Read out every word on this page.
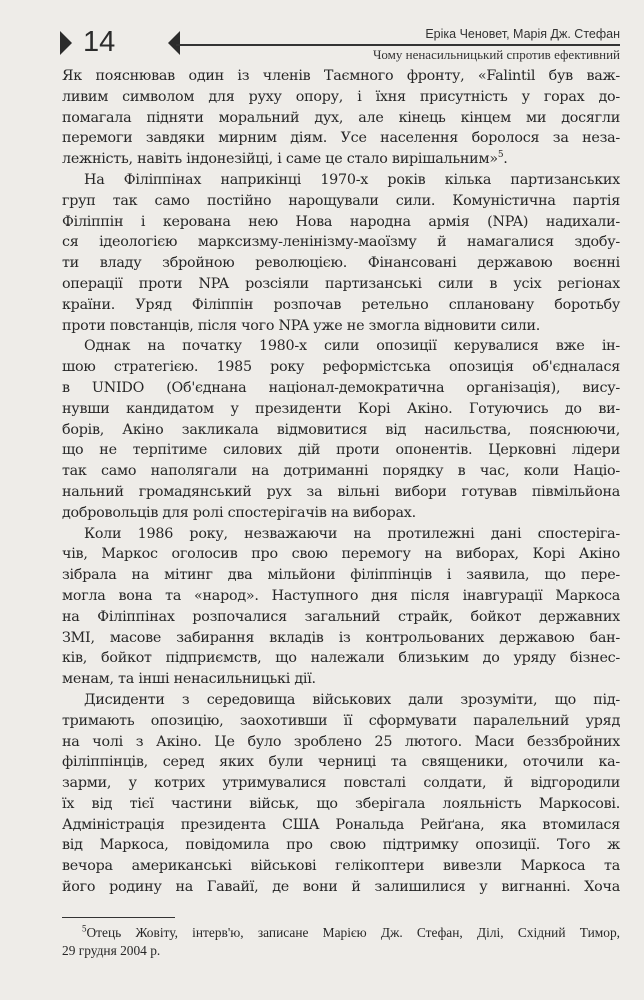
14	Еріка Ченовет, Марія Дж. Стефан
Чому ненасильницький спротив ефективний
Як пояснював один із членів Таємного фронту, «Falintil був важ-
ливим символом для руху опору, і їхня присутність у горах до-
помагала підняти моральний дух, але кінець кінцем ми досягли
перемоги завдяки мирним діям. Усе населення боролося за неза-
лежність, навіть індонезійці, і саме це стало вирішальним»$^5$.
На Філіппінах наприкінці 1970-х років кілька партизанських
груп так само постійно нарощували сили. Комуністична партія
Філіппін і керована нею Нова народна армія (NPA) надихали-
ся ідеологією марксизму-ленінізму-маоїзму й намагалися здобу-
ти владу збройною революцією. Фінансовані державою воєнні
операції проти NPA розсіяли партизанські сили в усіх регіонах
країни. Уряд Філіппін розпочав ретельно сплановану боротьбу
проти повстанців, після чого NPA уже не змогла відновити сили.
Однак на початку 1980-х сили опозиції керувалися вже ін-
шою стратегією. 1985 року реформістська опозиція об'єдналася
в UNIDO (Об'єднана націонал-демократична організація), вису-
нувши кандидатом у президенти Корі Акіно. Готуючись до ви-
борів, Акіно закликала відмовитися від насильства, пояснюючи,
що не терпітиме силових дій проти опонентів. Церковні лідери
так само наполягали на дотриманні порядку в час, коли Націо-
нальний громадянський рух за вільні вибори готував півмільйона
добровольців для ролі спостерігачів на виборах.
Коли 1986 року, незважаючи на протилежні дані спостеріга-
чів, Маркос оголосив про свою перемогу на виборах, Корі Акіно
зібрала на мітинг два мільйони філіппінців і заявила, що пере-
могла вона та «народ». Наступного дня після інавгурації Маркоса
на Філіппінах розпочалися загальний страйк, бойкот державних
ЗМІ, масове забирання вкладів із контрольованих державою бан-
ків, бойкот підприємств, що належали близьким до уряду бізнес-
менам, та інші ненасильницькі дії.
Дисиденти з середовища військових дали зрозуміти, що під-
тримають опозицію, заохотивши її сформувати паралельний уряд
на чолі з Акіно. Це було зроблено 25 лютого. Маси беззбройних
філіппінців, серед яких були черниці та священики, оточили ка-
зарми, у котрих утримувалися повсталі солдати, й відгородили
їх від тієї частини військ, що зберігала лояльність Маркосові.
Адміністрація президента США Рональда Рейґана, яка втомилася
від Маркоса, повідомила про свою підтримку опозиції. Того ж
вечора американські військові гелікоптери вивезли Маркоса та
його родину на Гавайї, де вони й залишилися у вигнанні. Хоча
$^5$Отець Жовіту, інтерв'ю, записане Марією Дж. Стефан, Ділі, Східний Тимор,
29 грудня 2004 р.
